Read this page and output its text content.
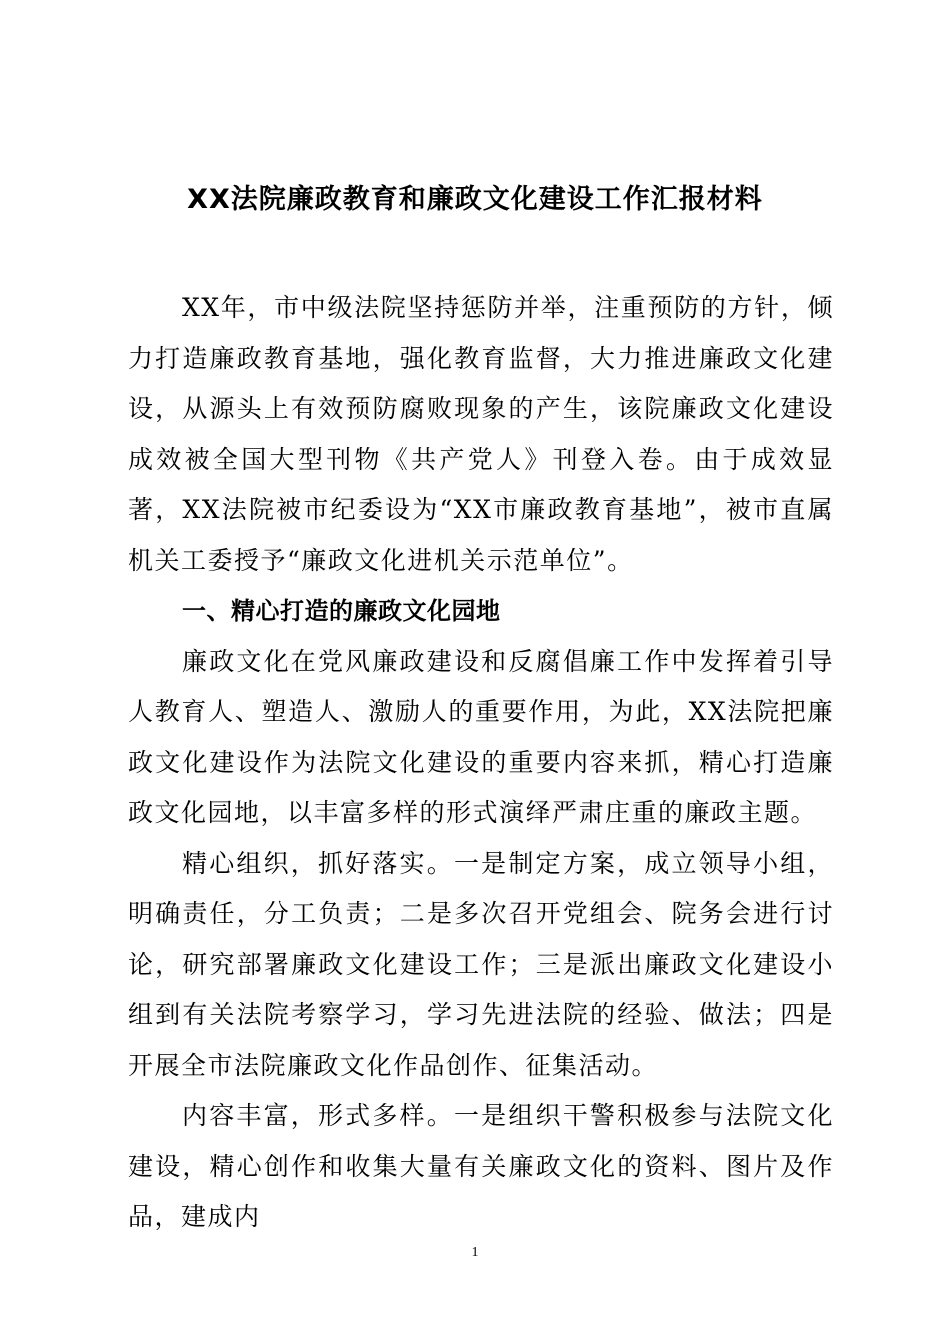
XX法院廉政教育和廉政文化建设工作汇报材料

XX年，市中级法院坚持惩防并举，注重预防的方针，倾力打造廉政教育基地，强化教育监督，大力推进廉政文化建设，从源头上有效预防腐败现象的产生，该院廉政文化建设成效被全国大型刊物《共产党人》刊登入卷。由于成效显著，XX法院被市纪委设为“XX市廉政教育基地”，被市直属机关工委授予“廉政文化进机关示范单位”。

一、精心打造的廉政文化园地

廉政文化在党风廉政建设和反腐倡廉工作中发挥着引导人教育人、塑造人、激励人的重要作用，为此，XX法院把廉政文化建设作为法院文化建设的重要内容来抓，精心打造廉政文化园地，以丰富多样的形式演绎严肃庄重的廉政主题。

精心组织，抓好落实。一是制定方案，成立领导小组，明确责任，分工负责；二是多次召开党组会、院务会进行讨论，研究部署廉政文化建设工作；三是派出廉政文化建设小组到有关法院考察学习，学习先进法院的经验、做法；四是开展全市法院廉政文化作品创作、征集活动。

内容丰富，形式多样。一是组织干警积极参与法院文化建设，精心创作和收集大量有关廉政文化的资料、图片及作品，建成内

1
